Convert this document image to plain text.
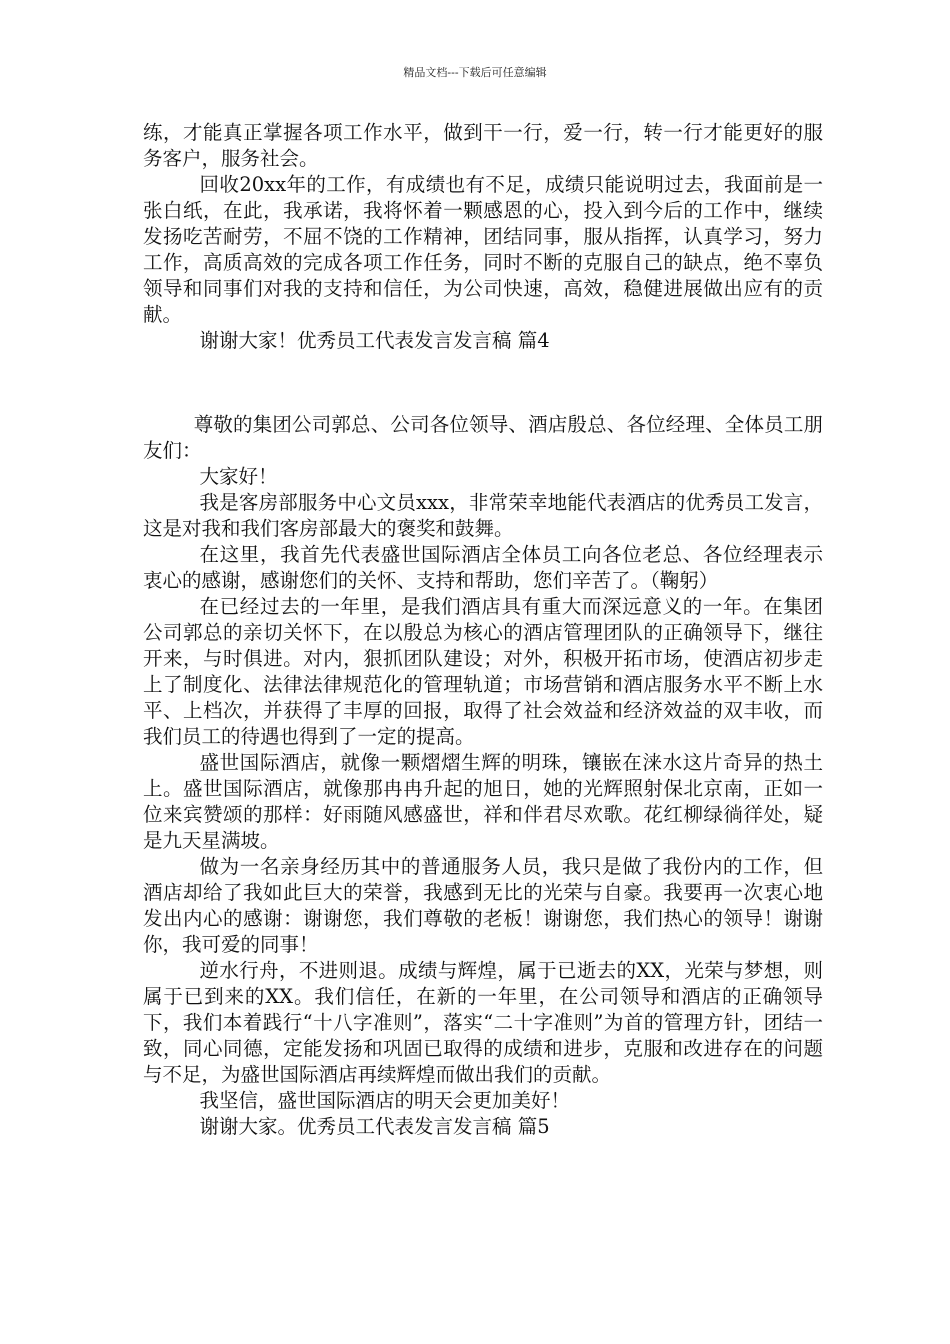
精品文档---下载后可任意编辑

练，才能真正掌握各项工作水平，做到干一行，爱一行，转一行才能更好的服务客户，服务社会。

回收20xx年的工作，有成绩也有不足，成绩只能说明过去，我面前是一张白纸，在此，我承诺，我将怀着一颗感恩的心，投入到今后的工作中，继续发扬吃苦耐劳，不屈不饶的工作精神，团结同事，服从指挥，认真学习，努力工作，高质高效的完成各项工作任务，同时不断的克服自己的缺点，绝不辜负领导和同事们对我的支持和信任，为公司快速，高效，稳健进展做出应有的贡献。

谢谢大家！优秀员工代表发言发言稿 篇4

尊敬的集团公司郭总、公司各位领导、酒店殷总、各位经理、全体员工朋友们：

大家好！

我是客房部服务中心文员xxx，非常荣幸地能代表酒店的优秀员工发言，这是对我和我们客房部最大的褒奖和鼓舞。

在这里，我首先代表盛世国际酒店全体员工向各位老总、各位经理表示衷心的感谢，感谢您们的关怀、支持和帮助，您们辛苦了。（鞠躬）

在已经过去的一年里，是我们酒店具有重大而深远意义的一年。在集团公司郭总的亲切关怀下，在以殷总为核心的酒店管理团队的正确领导下，继往开来，与时俱进。对内，狠抓团队建设；对外，积极开拓市场，使酒店初步走上了制度化、法律法律规范化的管理轨道；市场营销和酒店服务水平不断上水平、上档次，并获得了丰厚的回报，取得了社会效益和经济效益的双丰收，而我们员工的待遇也得到了一定的提高。

盛世国际酒店，就像一颗熠熠生辉的明珠，镶嵌在涞水这片奇异的热土上。盛世国际酒店，就像那冉冉升起的旭日，她的光辉照射保北京南，正如一位来宾赞颂的那样：好雨随风感盛世，祥和伴君尽欢歌。花红柳绿徜徉处，疑是九天星满坡。

做为一名亲身经历其中的普通服务人员，我只是做了我份内的工作，但酒店却给了我如此巨大的荣誉，我感到无比的光荣与自豪。我要再一次衷心地发出内心的感谢：谢谢您，我们尊敬的老板！谢谢您，我们热心的领导！谢谢你，我可爱的同事！

逆水行舟，不进则退。成绩与辉煌，属于已逝去的XX，光荣与梦想，则属于已到来的XX。我们信任，在新的一年里，在公司领导和酒店的正确领导下，我们本着践行“十八字准则”，落实“二十字准则”为首的管理方针，团结一致，同心同德，定能发扬和巩固已取得的成绩和进步，克服和改进存在的问题与不足，为盛世国际酒店再续辉煌而做出我们的贡献。

我坚信，盛世国际酒店的明天会更加美好！

谢谢大家。优秀员工代表发言发言稿 篇5
